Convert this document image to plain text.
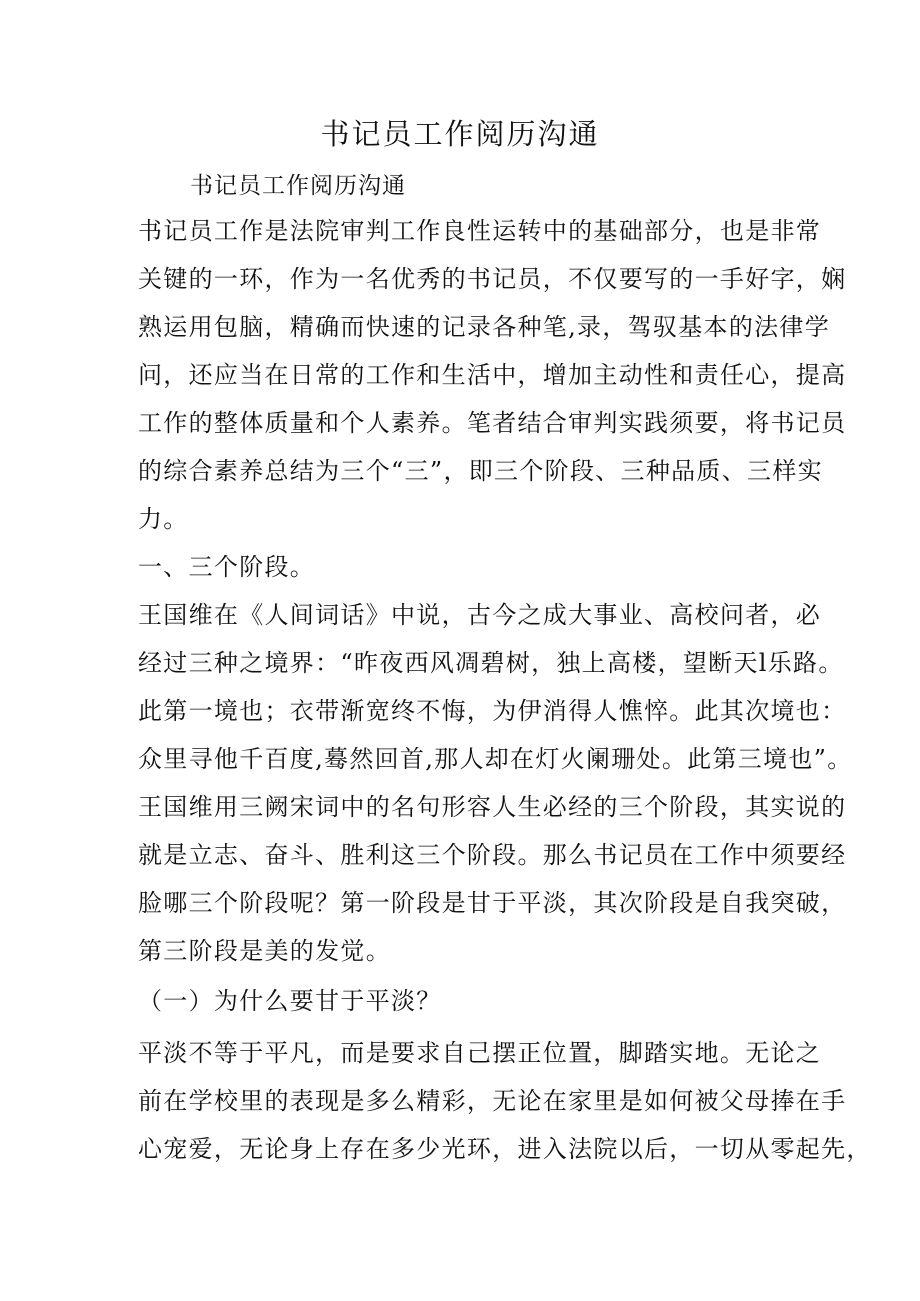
书记员工作阅历沟通
书记员工作阅历沟通
书记员工作是法院审判工作良性运转中的基础部分，也是非常
关键的一环，作为一名优秀的书记员，不仅要写的一手好字，娴
熟运用包脑，精确而快速的记录各种笔,录，驾驭基本的法律学
问，还应当在日常的工作和生活中，增加主动性和责任心，提高
工作的整体质量和个人素养。笔者结合审判实践须要，将书记员
的综合素养总结为三个“三”，即三个阶段、三种品质、三样实
力。
一、三个阶段。
王国维在《人间词话》中说，古今之成大事业、高校问者，必
经过三种之境界：“昨夜西风凋碧树，独上高楼，望断天l乐路。
此第一境也；衣带渐宽终不悔，为伊消得人憔悴。此其次境也：
众里寻他千百度,蓦然回首,那人却在灯火阑珊处。此第三境也”。
王国维用三阙宋词中的名句形容人生必经的三个阶段，其实说的
就是立志、奋斗、胜利这三个阶段。那么书记员在工作中须要经
脸哪三个阶段呢？第一阶段是甘于平淡，其次阶段是自我突破，
第三阶段是美的发觉。
（一）为什么要甘于平淡？
平淡不等于平凡，而是要求自己摆正位置，脚踏实地。无论之
前在学校里的表现是多么精彩，无论在家里是如何被父母捧在手
心宠爱，无论身上存在多少光环，进入法院以后，一切从零起先，
